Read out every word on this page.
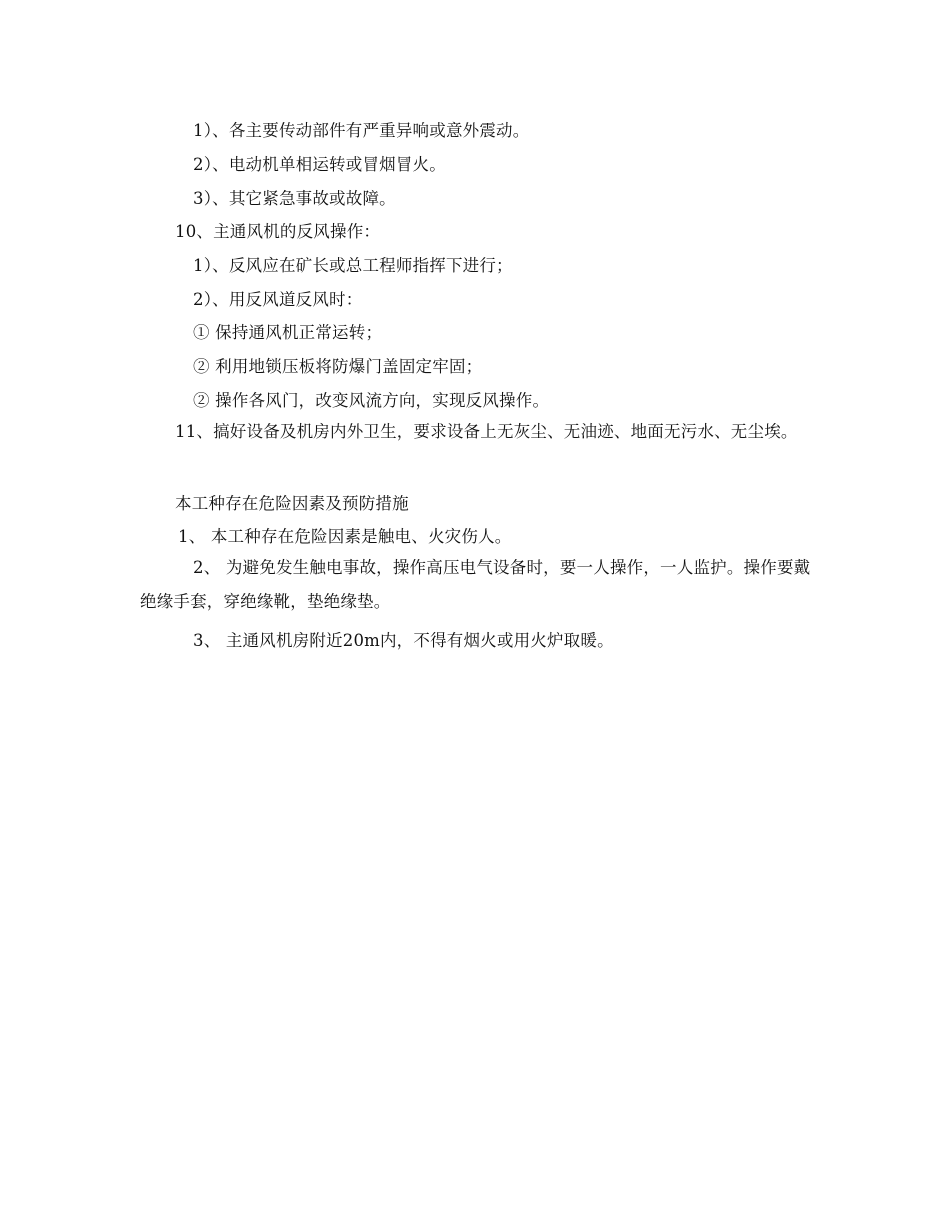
1）、各主要传动部件有严重异响或意外震动。
2）、电动机单相运转或冒烟冒火。
3）、其它紧急事故或故障。
10、主通风机的反风操作：
1）、反风应在矿长或总工程师指挥下进行；
2）、用反风道反风时：
① 保持通风机正常运转；
② 利用地锁压板将防爆门盖固定牢固；
② 操作各风门，改变风流方向，实现反风操作。
11、搞好设备及机房内外卫生，要求设备上无灰尘、无油迹、地面无污水、无尘埃。
本工种存在危险因素及预防措施
1、 本工种存在危险因素是触电、火灾伤人。
2、 为避免发生触电事故，操作高压电气设备时，要一人操作，一人监护。操作要戴绝缘手套，穿绝缘靴，垫绝缘垫。
3、 主通风机房附近20m内，不得有烟火或用火炉取暖。
